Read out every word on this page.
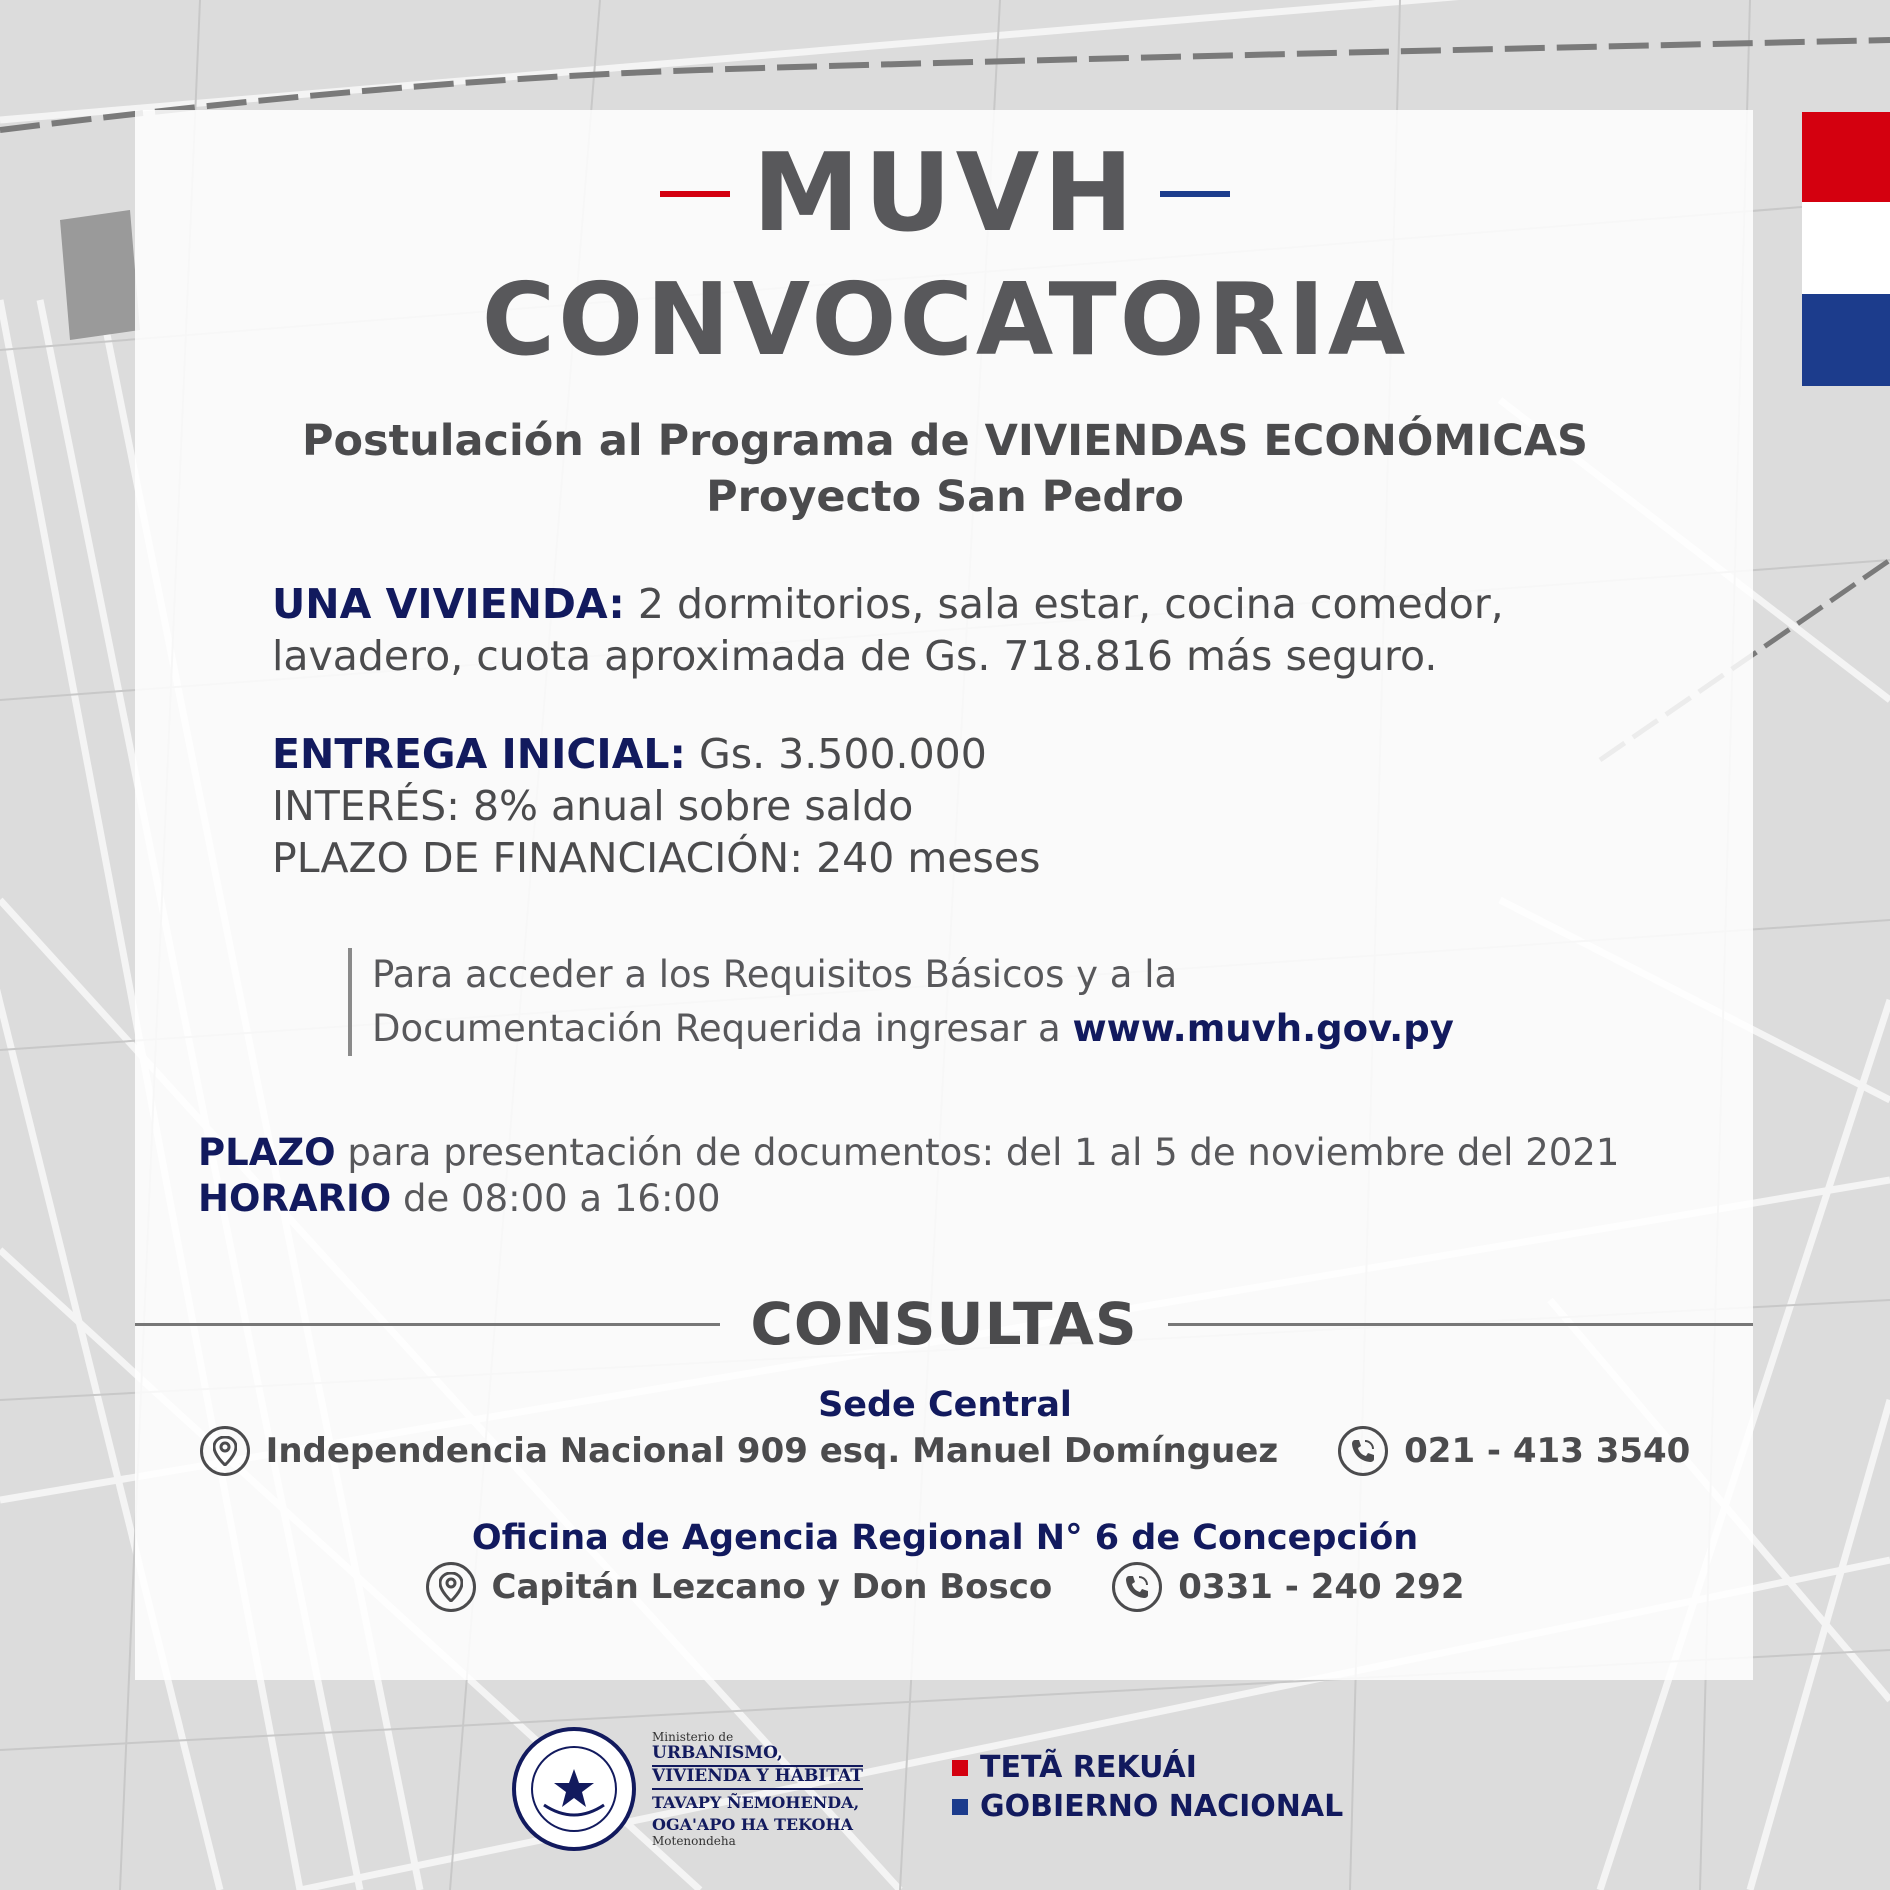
MUVH
CONVOCATORIA
Postulación al Programa de VIVIENDAS ECONÓMICAS
Proyecto San Pedro
UNA VIVIENDA: 2 dormitorios, sala estar, cocina comedor,
lavadero, cuota aproximada de Gs. 718.816 más seguro.
ENTREGA INICIAL: Gs. 3.500.000
INTERÉS: 8% anual sobre saldo
PLAZO DE FINANCIACIÓN: 240 meses
Para acceder a los Requisitos Básicos y a la
Documentación Requerida ingresar a www.muvh.gov.py
PLAZO para presentación de documentos: del 1 al 5 de noviembre del 2021
HORARIO de 08:00 a 16:00
CONSULTAS
Sede Central
Independencia Nacional 909 esq. Manuel Domínguez	021 - 413 3540
Oficina de Agencia Regional N° 6 de Concepción
Capitán Lezcano y Don Bosco	0331 - 240 292
Ministerio de
URBANISMO,
VIVIENDA Y HÁBITAT
TAVAPY ÑEMOHENDA,
OGA'APO HA TEKOHA
Motenondeha
TETÃ REKUÁI
GOBIERNO NACIONAL
